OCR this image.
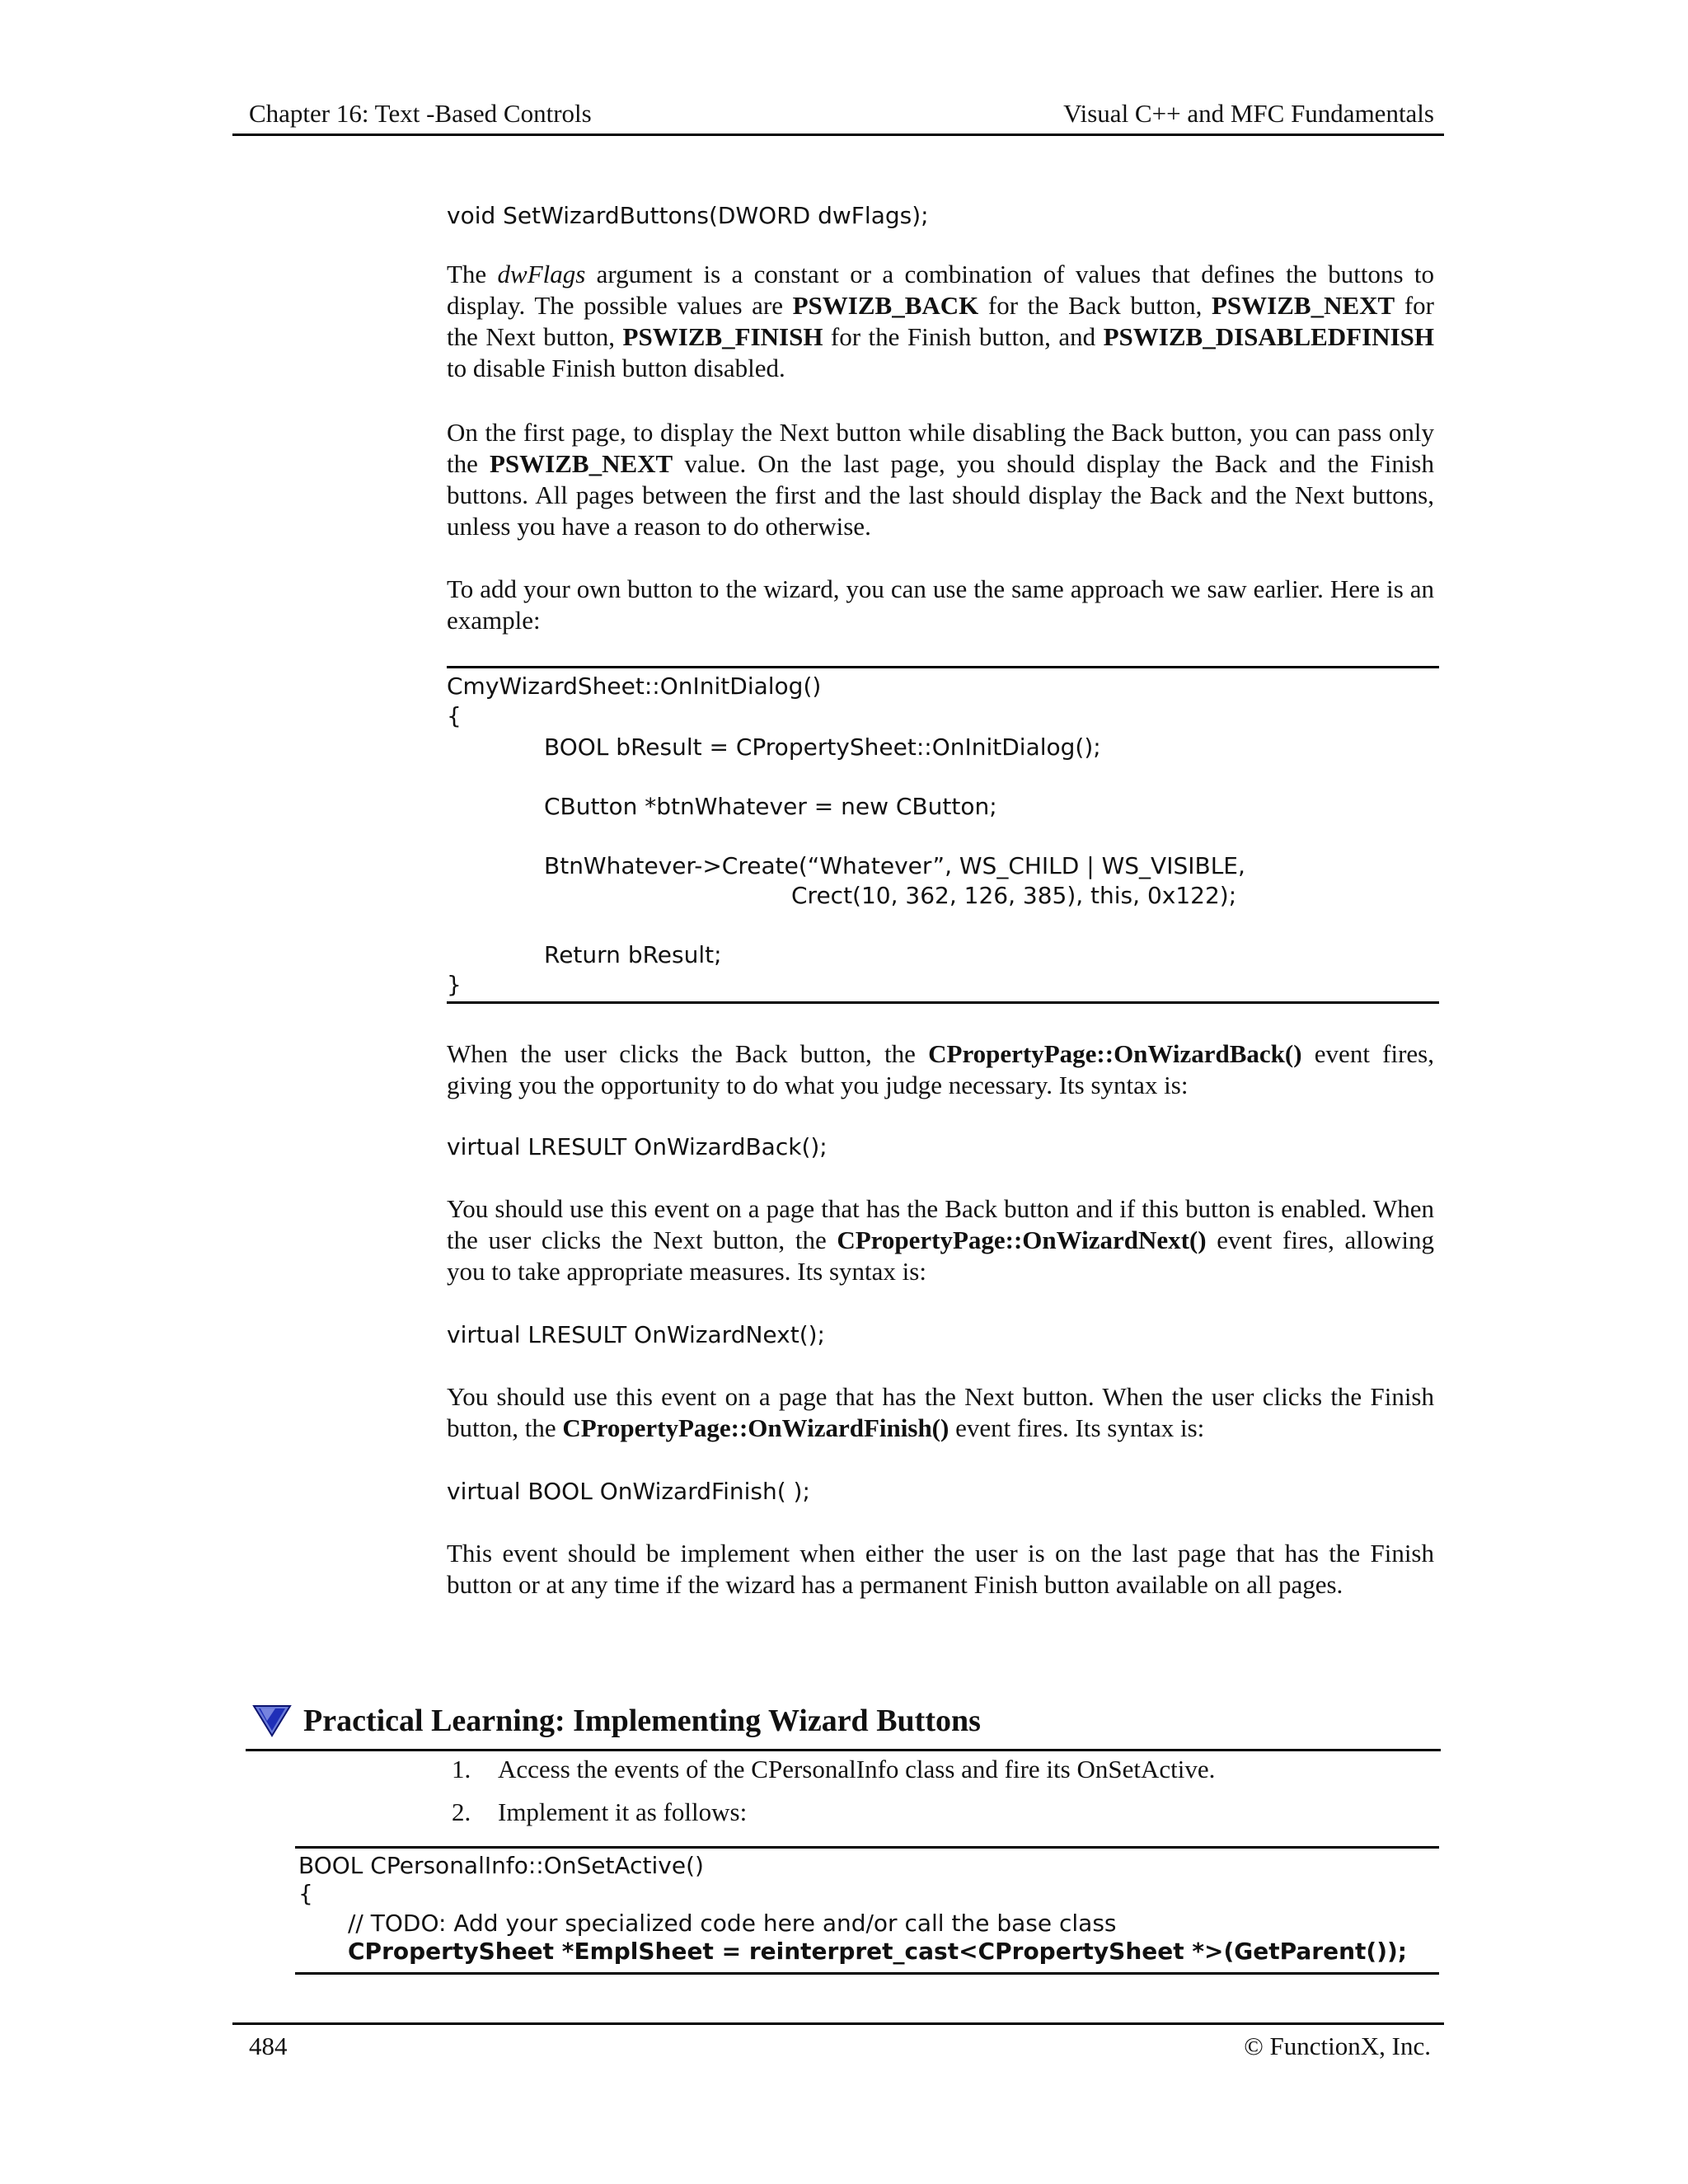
Chapter 16: Text -Based Controls	Visual C++ and MFC Fundamentals
void SetWizardButtons(DWORD dwFlags);

The dwFlags argument is a constant or a combination of values that defines the buttons to display. The possible values are PSWIZB_BACK for the Back button, PSWIZB_NEXT for the Next button, PSWIZB_FINISH for the Finish button, and PSWIZB_DISABLEDFINISH to disable Finish button disabled.

On the first page, to display the Next button while disabling the Back button, you can pass only the PSWIZB_NEXT value. On the last page, you should display the Back and the Finish buttons. All pages between the first and the last should display the Back and the Next buttons, unless you have a reason to do otherwise.

To add your own button to the wizard, you can use the same approach we saw earlier. Here is an example:

CmyWizardSheet::OnInitDialog()
{
BOOL bResult = CPropertySheet::OnInitDialog();
CButton *btnWhatever = new CButton;
BtnWhatever->Create(“Whatever”, WS_CHILD | WS_VISIBLE,
Crect(10, 362, 126, 385), this, 0x122);
Return bResult;
}

When the user clicks the Back button, the CPropertyPage::OnWizardBack() event fires, giving you the opportunity to do what you judge necessary. Its syntax is:

virtual LRESULT OnWizardBack();

You should use this event on a page that has the Back button and if this button is enabled. When the user clicks the Next button, the CPropertyPage::OnWizardNext() event fires, allowing you to take appropriate measures. Its syntax is:

virtual LRESULT OnWizardNext();

You should use this event on a page that has the Next button. When the user clicks the Finish button, the CPropertyPage::OnWizardFinish() event fires. Its syntax is:

virtual BOOL OnWizardFinish( );

This event should be implement when either the user is on the last page that has the Finish button or at any time if the wizard has a permanent Finish button available on all pages.

Practical Learning: Implementing Wizard Buttons
1. Access the events of the CPersonalInfo class and fire its OnSetActive.
2. Implement it as follows:
BOOL CPersonalInfo::OnSetActive()
{
// TODO: Add your specialized code here and/or call the base class
CPropertySheet *EmplSheet = reinterpret_cast<CPropertySheet *>(GetParent());
484	© FunctionX, Inc.
